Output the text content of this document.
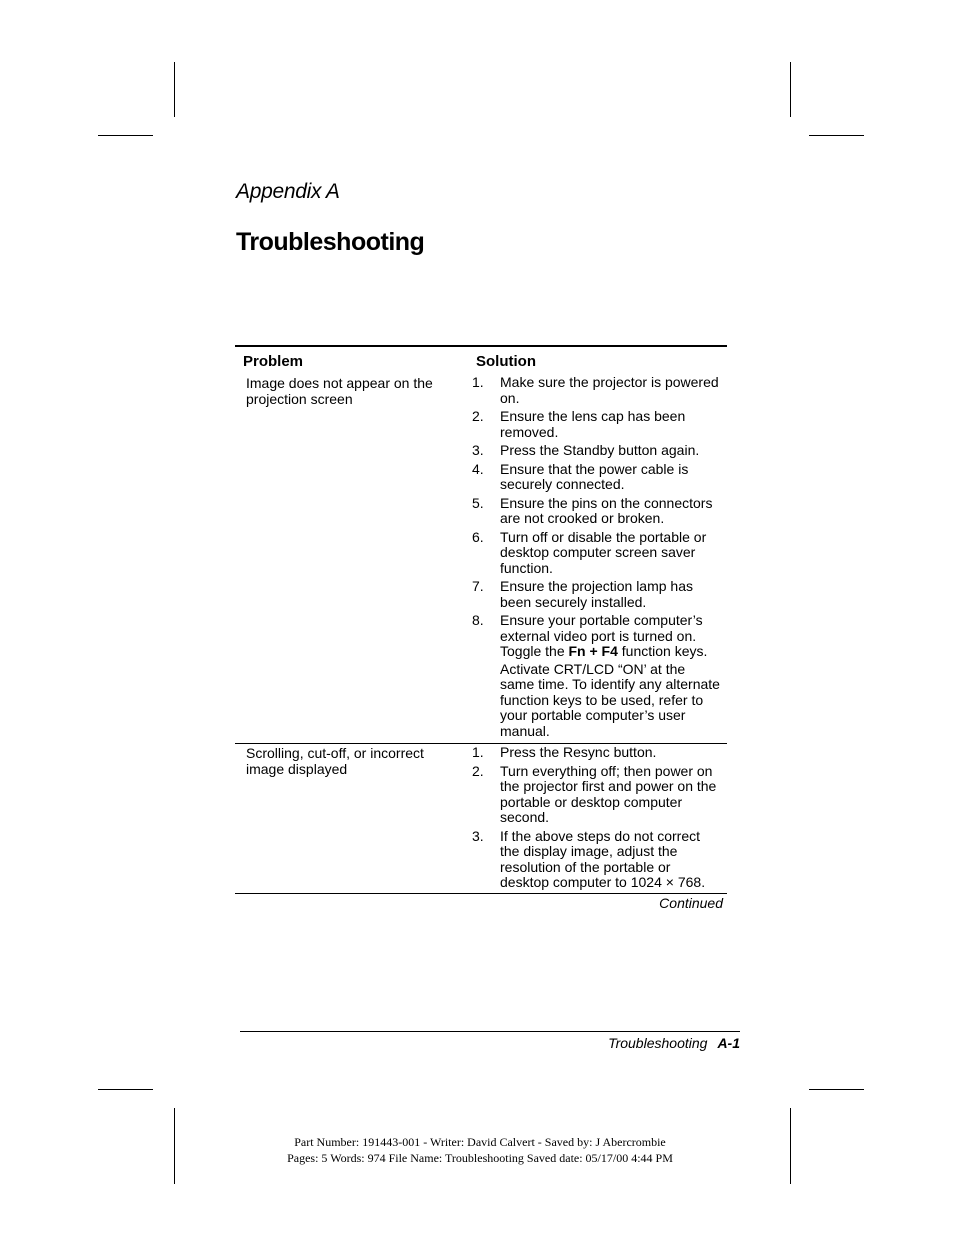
Appendix A
Troubleshooting
Problem	Solution
Image does not appear on the projection screen
1. Make sure the projector is powered on.
2. Ensure the lens cap has been removed.
3. Press the Standby button again.
4. Ensure that the power cable is securely connected.
5. Ensure the pins on the connectors are not crooked or broken.
6. Turn off or disable the portable or desktop computer screen saver function.
7. Ensure the projection lamp has been securely installed.
8. Ensure your portable computer’s external video port is turned on. Toggle the Fn + F4 function keys.
Activate CRT/LCD “ON’ at the same time. To identify any alternate function keys to be used, refer to your portable computer’s user manual.
Scrolling, cut-off, or incorrect image displayed
1. Press the Resync button.
2. Turn everything off; then power on the projector first and power on the portable or desktop computer second.
3. If the above steps do not correct the display image, adjust the resolution of the portable or desktop computer to 1024 × 768.
Continued
Troubleshooting A-1
Part Number: 191443-001 - Writer: David Calvert - Saved by: J Abercrombie
Pages: 5 Words: 974 File Name: Troubleshooting Saved date: 05/17/00 4:44 PM
